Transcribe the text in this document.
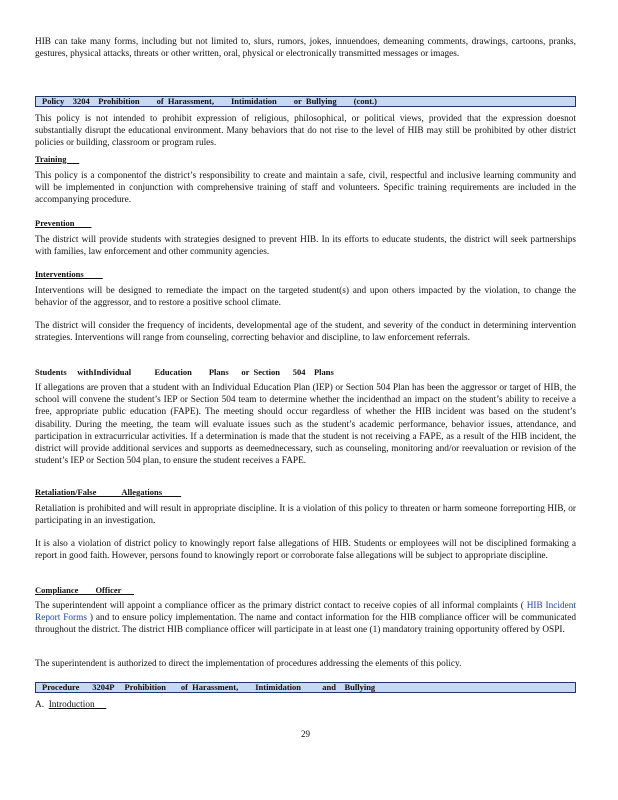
HIB can take many forms, including but not limited to, slurs, rumors, jokes, innuendoes, demeaning comments, drawings, cartoons, pranks, gestures, physical attacks, threats or other written, oral, physical or electronically transmitted messages or images.

Policy    3204    Prohibition        of  Harassment,        Intimidation        or  Bullying        (cont.)

This policy is not intended to prohibit expression of religious, philosophical, or political views, provided that the expression doesnot substantially disrupt the educational environment. Many behaviors that do not rise to the level of HIB may still be prohibited by other district policies or building, classroom or program rules.

Training

This policy is a componentof the district’s responsibility to create and maintain a safe, civil, respectful and inclusive learning community and will be implemented in conjunction with comprehensive training of staff and volunteers. Specific training requirements are included in the accompanying procedure.

Prevention

The district will provide students with strategies designed to prevent HIB. In its efforts to educate students, the district will seek partnerships with families, law enforcement and other community agencies.

Interventions

Interventions will be designed to remediate the impact on the targeted student(s) and upon others impacted by the violation, to change the behavior of the aggressor, and to restore a positive school climate.

The district will consider the frequency of incidents, developmental age of the student, and severity of the conduct in determining intervention strategies. Interventions will range from counseling, correcting behavior and discipline, to law enforcement referrals.

Students     withIndividual           Education        Plans      or  Section      504    Plans

If allegations are proven that a student with an Individual Education Plan (IEP) or Section 504 Plan has been the aggressor or target of HIB, the school will convene the student’s IEP or Section 504 team to determine whether the incidenthad an impact on the student’s ability to receive a free, appropriate public education (FAPE). The meeting should occur regardless of whether the HIB incident was based on the student’s disability. During the meeting, the team will evaluate issues such as the student’s academic performance, behavior issues, attendance, and participation in extracurricular activities. If a determination is made that the student is not receiving a FAPE, as a result of the HIB incident, the district will provide additional services and supports as deemednecessary, such as counseling, monitoring and/or reevaluation or revision of the student’s IEP or Section 504 plan, to ensure the student receives a FAPE.

Retaliation/False            Allegations

Retaliation is prohibited and will result in appropriate discipline. It is a violation of this policy to threaten or harm someone forreporting HIB, or participating in an investigation.

It is also a violation of district policy to knowingly report false allegations of HIB. Students or employees will not be disciplined formaking a report in good faith. However, persons found to knowingly report or corroborate false allegations will be subject to appropriate discipline.

Compliance        Officer

The superintendent will appoint a compliance officer as the primary district contact to receive copies of all informal complaints ( HIB Incident Report Forms ) and to ensure policy implementation. The name and contact information for the HIB compliance officer will be communicated throughout the district. The district HIB compliance officer will participate in at least one (1) mandatory training opportunity offered by OSPI.

The superintendent is authorized to direct the implementation of procedures addressing the elements of this policy.

Procedure      3204P     Prohibition       of  Harassment,        Intimidation          and    Bullying
A.  Introduction
29
